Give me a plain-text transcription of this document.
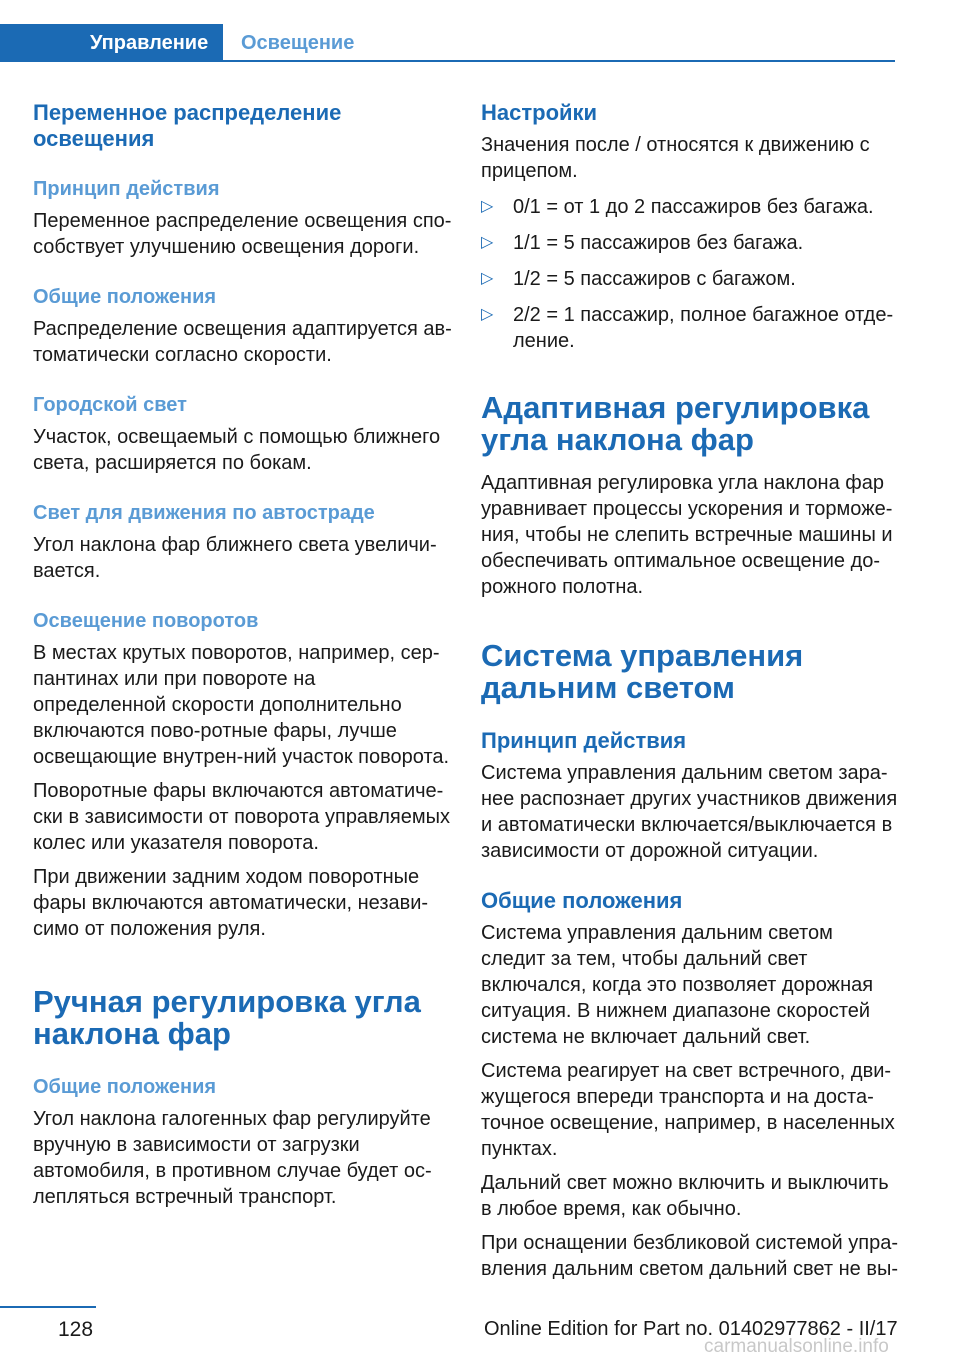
Управление	Освещение
Переменное распределение освещения
Принцип действия

Переменное распределение освещения спо-собствует улучшению освещения дороги.

Общие положения

Распределение освещения адаптируется ав-томатически согласно скорости.

Городской свет

Участок, освещаемый с помощью ближнего света, расширяется по бокам.

Свет для движения по автостраде

Угол наклона фар ближнего света увеличи-вается.

Освещение поворотов

В местах крутых поворотов, например, сер-пантинах или при повороте на определенной скорости дополнительно включаются пово-ротные фары, лучше освещающие внутрен-ний участок поворота.

Поворотные фары включаются автоматиче-ски в зависимости от поворота управляемых колес или указателя поворота.

При движении задним ходом поворотные фары включаются автоматически, незави-симо от положения руля.

Ручная регулировка угла наклона фар
Общие положения

Угол наклона галогенных фар регулируйте вручную в зависимости от загрузки автомобиля, в противном случае будет ос-лепляться встречный транспорт.

Настройки

Значения после / относятся к движению с прицепом.

▷ 0/1 = от 1 до 2 пассажиров без багажа.
▷ 1/1 = 5 пассажиров без багажа.
▷ 1/2 = 5 пассажиров с багажом.
▷ 2/2 = 1 пассажир, полное багажное отде-ление.
Адаптивная регулировка угла наклона фар

Адаптивная регулировка угла наклона фар уравнивает процессы ускорения и торможе-ния, чтобы не слепить встречные машины и обеспечивать оптимальное освещение до-рожного полотна.

Система управления дальним светом
Принцип действия

Система управления дальним светом зара-нее распознает других участников движения и автоматически включается/выключается в зависимости от дорожной ситуации.

Общие положения

Система управления дальним светом следит за тем, чтобы дальний свет включался, когда это позволяет дорожная ситуация. В нижнем диапазоне скоростей система не включает дальний свет.

Система реагирует на свет встречного, дви-жущегося впереди транспорта и на доста-точное освещение, например, в населенных пунктах.

Дальний свет можно включить и выключить в любое время, как обычно.

При оснащении безбликовой системой упра-вления дальним светом дальний свет не вы-

128	Online Edition for Part no. 01402977862 - II/17
carmanualsonline.info
